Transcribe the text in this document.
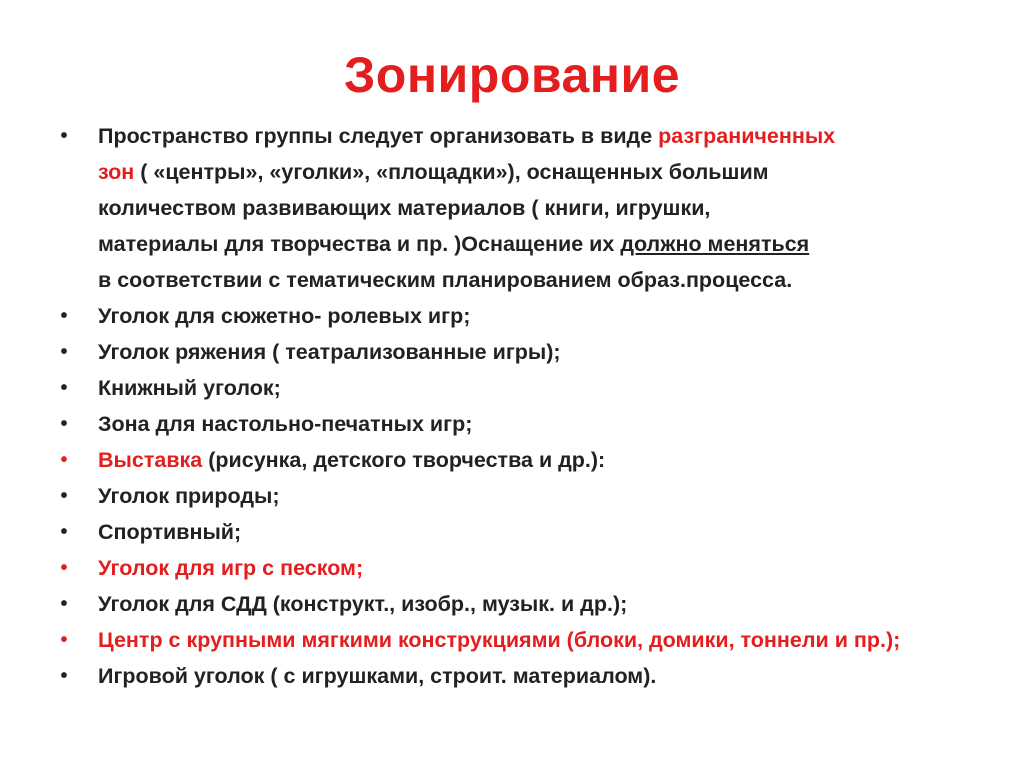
Зонирование
• Пространство группы следует организовать в виде разграниченных
зон ( «центры», «уголки», «площадки»), оснащенных большим
количеством развивающих материалов ( книги, игрушки,
материалы для творчества и пр. )Оснащение их должно меняться
в соответствии с тематическим планированием образ.процесса.
• Уголок для сюжетно- ролевых игр;
• Уголок ряжения ( театрализованные игры);
• Книжный уголок;
• Зона для настольно-печатных игр;
• Выставка (рисунка, детского творчества и др.):
• Уголок природы;
• Спортивный;
• Уголок для игр с песком;
• Уголок для СДД (конструкт., изобр., музык. и др.);
• Центр с крупными мягкими конструкциями (блоки, домики, тоннели и пр.);
• Игровой уголок ( с игрушками, строит. материалом).
